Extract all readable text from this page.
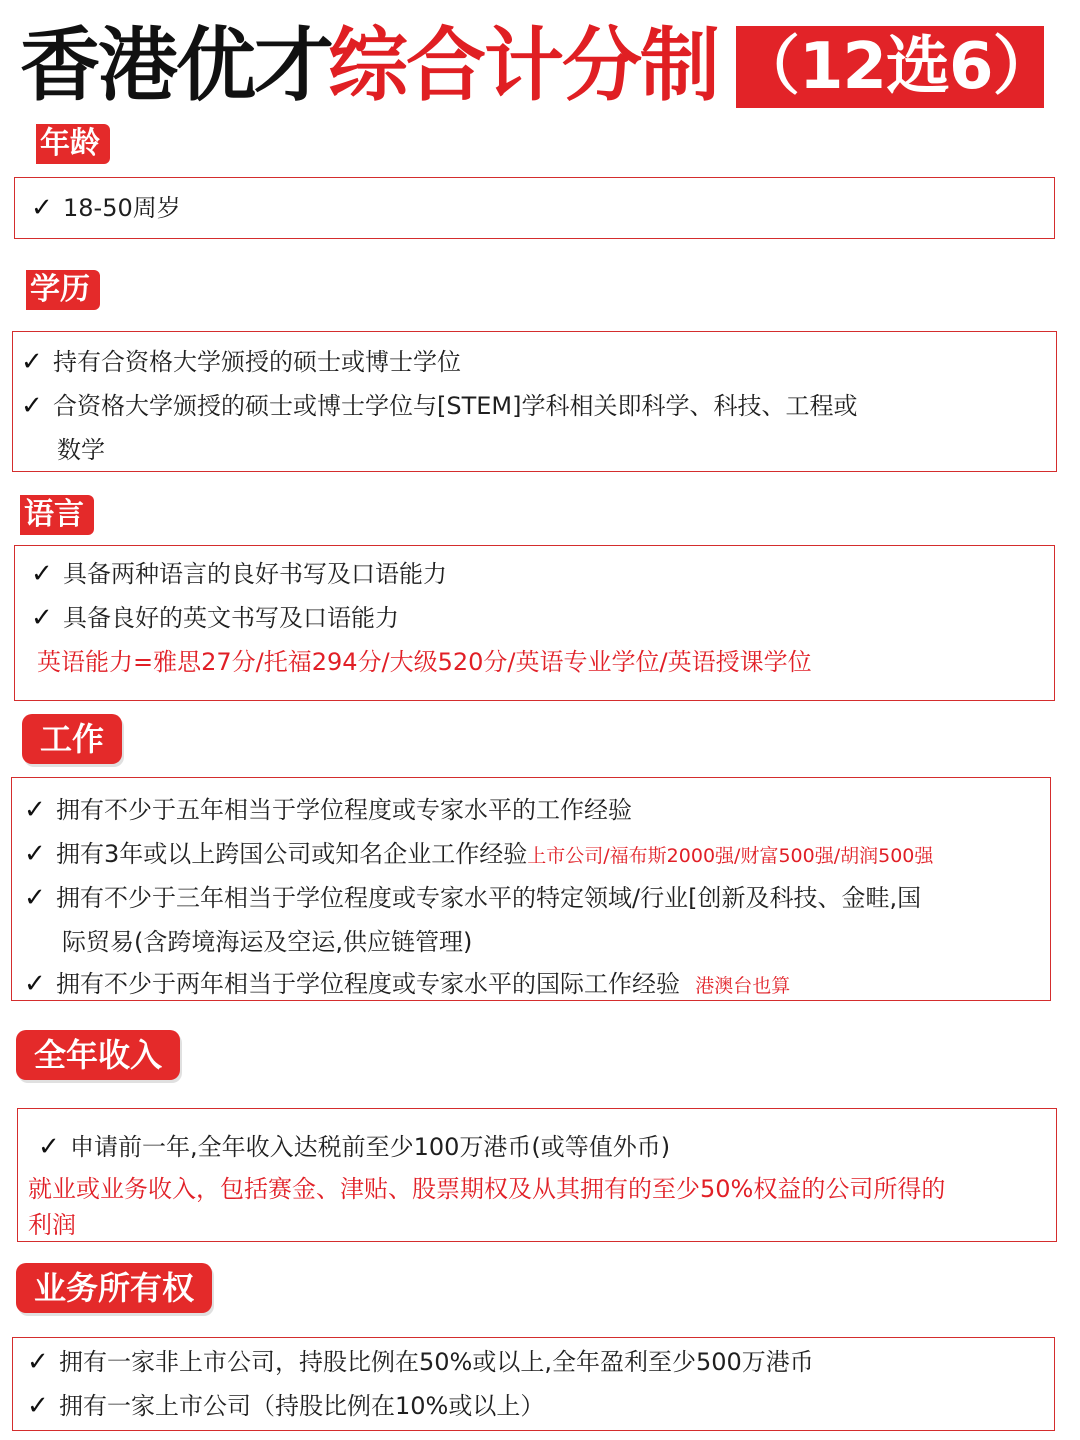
香港优才
综合计分制 （12选6）
年龄
✓ 18-50周岁
学历
✓ 持有合资格大学颁授的硕士或博士学位
✓ 合资格大学颁授的硕士或博士学位与[STEM]学科相关即科学、科技、工程或
数学
语言
✓ 具备两种语言的良好书写及口语能力
✓ 具备良好的英文书写及口语能力
英语能力=雅思27分/托福294分/大级520分/英语专业学位/英语授课学位
工作
✓ 拥有不少于五年相当于学位程度或专家水平的工作经验
✓ 拥有3年或以上跨国公司或知名企业工作经验上市公司/福布斯2000强/财富500强/胡润500强
✓ 拥有不少于三年相当于学位程度或专家水平的特定领域/行业[创新及科技、金畦,国
际贸易(含跨境海运及空运,供应链管理)
✓ 拥有不少于两年相当于学位程度或专家水平的国际工作经验 港澳台也算
全年收入
✓ 申请前一年,全年收入达税前至少100万港币(或等值外币)
就业或业务收入，包括赛金、津贴、股票期权及从其拥有的至少50%权益的公司所得的
利润
业务所有权
✓ 拥有一家非上市公司，持股比例在50%或以上,全年盈利至少500万港币
✓ 拥有一家上市公司（持股比例在10%或以上）
